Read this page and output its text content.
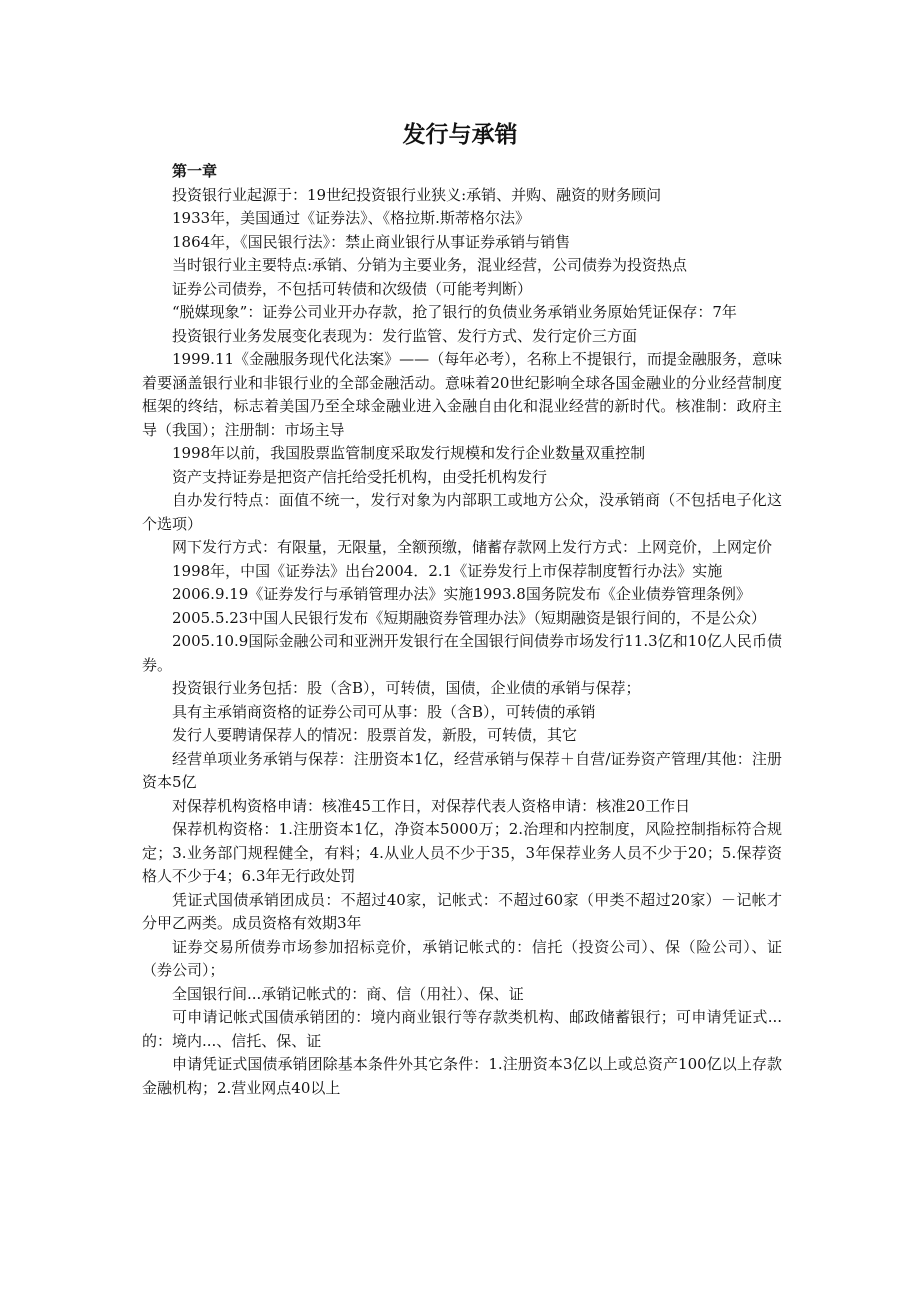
发行与承销

第一章

投资银行业起源于：19世纪投资银行业狭义:承销、并购、融资的财务顾问

1933年，美国通过《证券法》、《格拉斯.斯蒂格尔法》

1864年，《国民银行法》：禁止商业银行从事证券承销与销售

当时银行业主要特点:承销、分销为主要业务，混业经营，公司债券为投资热点

证券公司债券，不包括可转债和次级债（可能考判断）

“脱媒现象”：证券公司业开办存款，抢了银行的负债业务承销业务原始凭证保存：7年

投资银行业务发展变化表现为：发行监管、发行方式、发行定价三方面

1999.11《金融服务现代化法案》——（每年必考），名称上不提银行，而提金融服务，意味着要涵盖银行业和非银行业的全部金融活动。意味着20世纪影响全球各国金融业的分业经营制度框架的终结，标志着美国乃至全球金融业进入金融自由化和混业经营的新时代。核准制：政府主导（我国）；注册制：市场主导

1998年以前，我国股票监管制度采取发行规模和发行企业数量双重控制

资产支持证券是把资产信托给受托机构，由受托机构发行

自办发行特点：面值不统一，发行对象为内部职工或地方公众，没承销商（不包括电子化这个选项）

网下发行方式：有限量，无限量，全额预缴，储蓄存款网上发行方式：上网竞价，上网定价

1998年，中国《证券法》出台2004．2.1《证券发行上市保荐制度暂行办法》实施

2006.9.19《证券发行与承销管理办法》实施1993.8国务院发布《企业债券管理条例》

2005.5.23中国人民银行发布《短期融资券管理办法》（短期融资是银行间的，不是公众）

2005.10.9国际金融公司和亚洲开发银行在全国银行间债券市场发行11.3亿和10亿人民币债券。

投资银行业务包括：股（含B），可转债，国债，企业债的承销与保荐；

具有主承销商资格的证券公司可从事：股（含B），可转债的承销

发行人要聘请保荐人的情况：股票首发，新股，可转债，其它

经营单项业务承销与保荐：注册资本1亿，经营承销与保荐＋自营/证券资产管理/其他：注册资本5亿

对保荐机构资格申请：核准45工作日，对保荐代表人资格申请：核准20工作日

保荐机构资格：1.注册资本1亿，净资本5000万；2.治理和内控制度，风险控制指标符合规定；3.业务部门规程健全，有料；4.从业人员不少于35，3年保荐业务人员不少于20；5.保荐资格人不少于4；6.3年无行政处罚

凭证式国债承销团成员：不超过40家，记帐式：不超过60家（甲类不超过20家）－记帐才分甲乙两类。成员资格有效期3年

证券交易所债券市场参加招标竞价，承销记帐式的：信托（投资公司）、保（险公司）、证（券公司）；

全国银行间...承销记帐式的：商、信（用社）、保、证

可申请记帐式国债承销团的：境内商业银行等存款类机构、邮政储蓄银行；可申请凭证式...的：境内...、信托、保、证

申请凭证式国债承销团除基本条件外其它条件：1.注册资本3亿以上或总资产100亿以上存款金融机构；2.营业网点40以上
